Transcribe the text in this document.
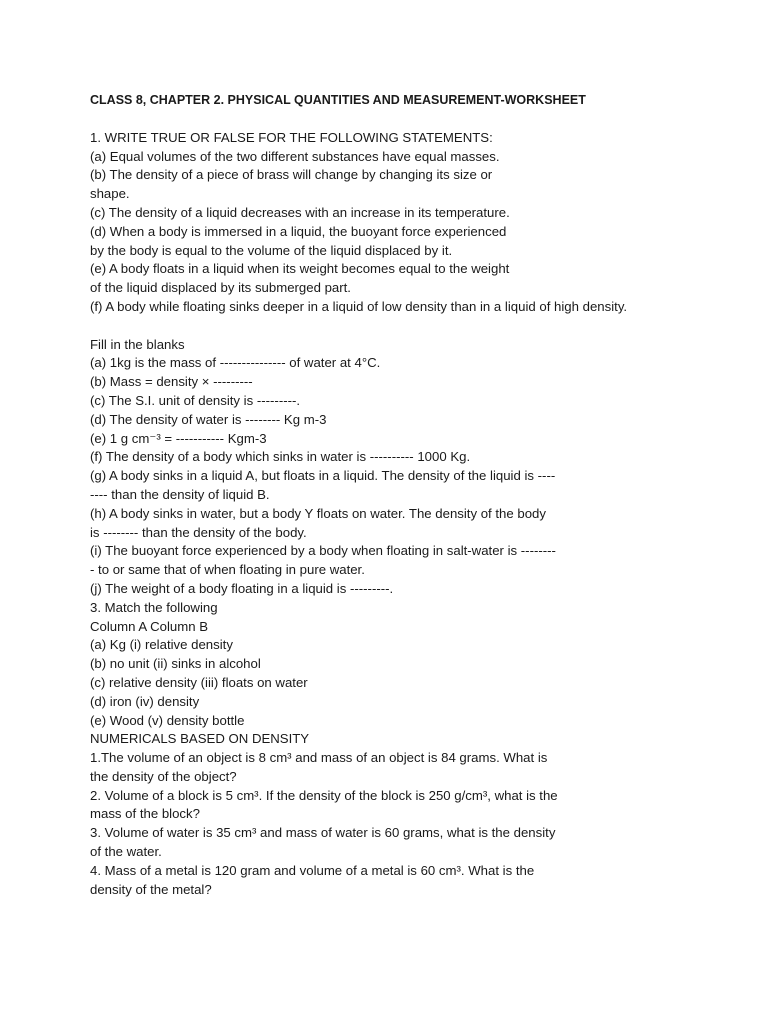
CLASS 8, CHAPTER 2. PHYSICAL QUANTITIES AND MEASUREMENT-WORKSHEET
1. WRITE TRUE OR FALSE FOR THE FOLLOWING STATEMENTS:
(a) Equal volumes of the two different substances have equal masses.
(b) The density of a piece of brass will change by changing its size or
shape.
(c) The density of a liquid decreases with an increase in its temperature.
(d) When a body is immersed in a liquid, the buoyant force experienced
by the body is equal to the volume of the liquid displaced by it.
(e) A body floats in a liquid when its weight becomes equal to the weight
of the liquid displaced by its submerged part.
(f) A body while floating sinks deeper in a liquid of low density than in a liquid of high density.
Fill in the blanks
(a) 1kg is the mass of --------------- of water at 4°C.
(b) Mass = density × ---------
(c) The S.I. unit of density is ---------.
(d) The density of water is -------- Kg m-3
(e) 1 g cm⁻³ = ----------- Kgm-3
(f) The density of a body which sinks in water is ---------- 1000 Kg.
(g) A body sinks in a liquid A, but floats in a liquid. The density of the liquid is ----
---- than the density of liquid B.
(h) A body sinks in water, but a body Y floats on water. The density of the body
is -------- than the density of the body.
(i) The buoyant force experienced by a body when floating in salt-water is --------
- to or same that of when floating in pure water.
(j) The weight of a body floating in a liquid is ---------.
3. Match the following
Column A Column B
(a) Kg (i) relative density
(b) no unit (ii) sinks in alcohol
(c) relative density (iii) floats on water
(d) iron (iv) density
(e) Wood (v) density bottle
NUMERICALS BASED ON DENSITY
1.The volume of an object is 8 cm³ and mass of an object is 84 grams. What is
the density of the object?
2. Volume of a block is 5 cm³. If the density of the block is 250 g/cm³, what is the
mass of the block?
3. Volume of water is 35 cm³ and mass of water is 60 grams, what is the density
of the water.
4. Mass of a metal is 120 gram and volume of a metal is 60 cm³. What is the
density of the metal?
